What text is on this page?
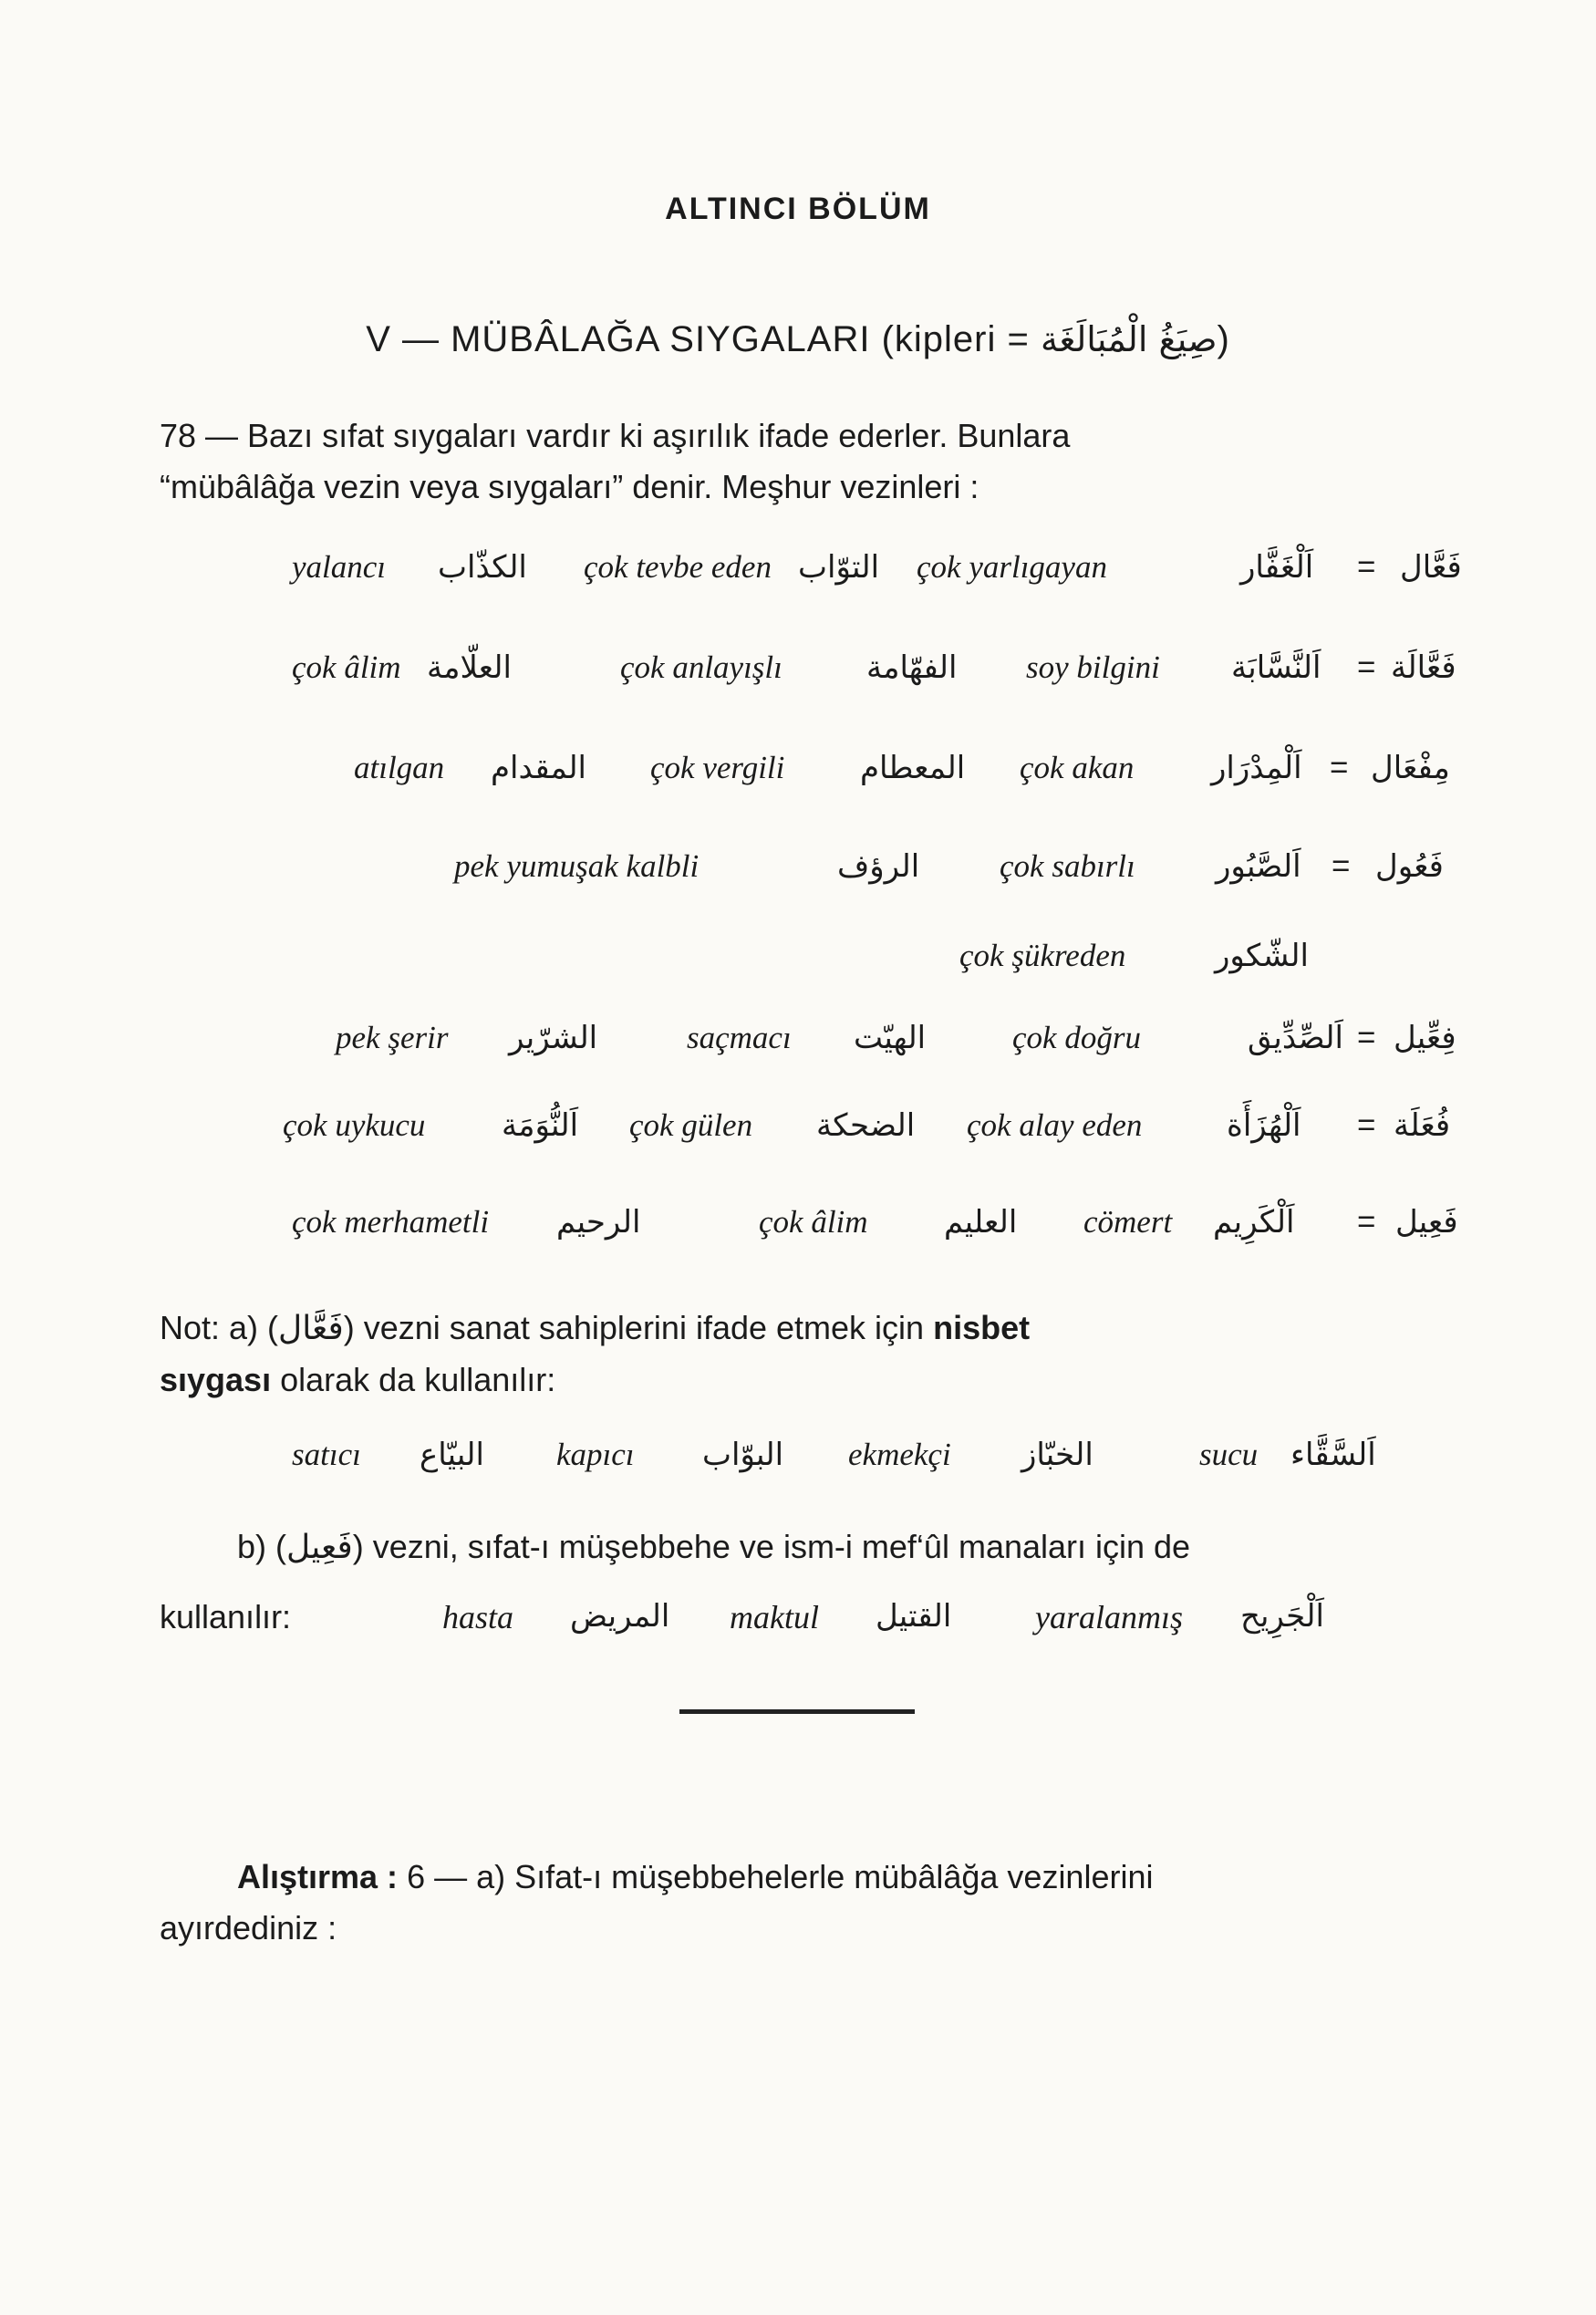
ALTINCI BÖLÜM
V — MÜBÂLAĞA SIYGALARI (kipleri = صِيَغُ الْمُبَالَغَة)
78 — Bazı sıfat sıygaları vardır ki aşırılık ifade ederler. Bunlara
“mübâlâğa vezin veya sıygaları” denir. Meşhur vezinleri :
yalancı الكذّاب çok tevbe eden التوّاب çok yarlıgayan	اَلْغَفَّار = فَعَّال
çok âlim العلّامة	çok anlayışlı	الفهّامة soy bilgini اَلنَّسَّابَة = فَعَّالَة
atılgan المقدام çok vergili المعطام çok akan اَلْمِدْرَار = مِفْعَال
pek yumuşak kalbli	الرؤف	çok sabırlı	اَلصَّبُور = فَعُول
çok şükreden	الشّكور
pek şerir الشرّير	saçmacı الهيّت	çok doğru	اَلصِّدِّيق = فِعِّيل
çok uykucu اَلنُّوَمَة çok gülen الضحكة çok alay eden	اَلْهُزَأَة = فُعَلَة
çok merhametli الرحيم	çok âlim العليم cömert اَلْكَرِيم = فَعِيل
Not: a) (فَعَّال) vezni sanat sahiplerini ifade etmek için nisbet
sıygası olarak da kullanılır:
satıcı البيّاع kapıcı البوّاب ekmekçi الخبّاز	sucu اَلسَّقَّاء
b) (فَعِيل) vezni, sıfat-ı müşebbehe ve ism-i mef‘ûl manaları için de
kullanılır:	hasta المريض maktul القتيل	yaralanmış اَلْجَرِيح
Alıştırma : 6 — a) Sıfat-ı müşebbehelerle mübâlâğa vezinlerini
ayırdediniz :
